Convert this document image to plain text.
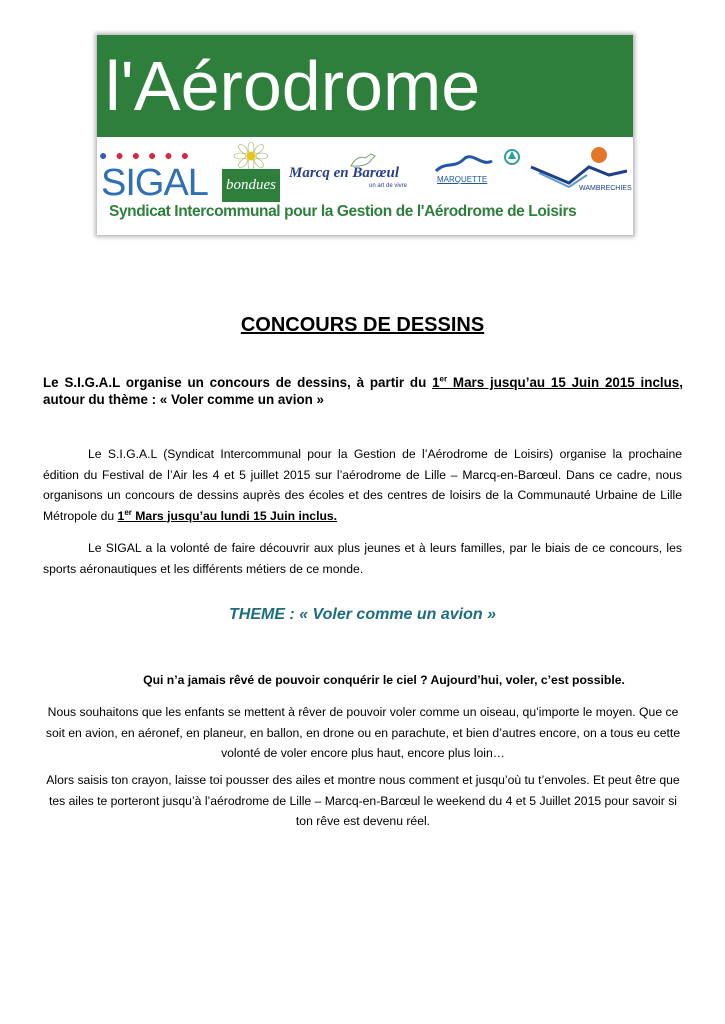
l'Aérodrome
● ● ● ● ● ●
SIGAL bondues
Marcq en Barœul
un art de vivre
MARQUETTE
WAMBRECHIES
Syndicat Intercommunal pour la Gestion de l'Aérodrome de Loisirs
CONCOURS DE DESSINS
Le S.I.G.A.L organise un concours de dessins, à partir du 1er Mars jusqu’au 15 Juin 2015 inclus, autour du thème : « Voler comme un avion »
Le S.I.G.A.L (Syndicat Intercommunal pour la Gestion de l’Aérodrome de Loisirs) organise la prochaine édition du Festival de l’Air les 4 et 5 juillet 2015 sur l’aérodrome de Lille – Marcq-en-Barœul. Dans ce cadre, nous organisons un concours de dessins auprès des écoles et des centres de loisirs de la Communauté Urbaine de Lille Métropole du 1er Mars jusqu’au lundi 15 Juin inclus.
Le SIGAL a la volonté de faire découvrir aux plus jeunes et à leurs familles, par le biais de ce concours, les sports aéronautiques et les différents métiers de ce monde.
THEME : « Voler comme un avion »
Qui n’a jamais rêvé de pouvoir conquérir le ciel ? Aujourd’hui, voler, c’est possible.
Nous souhaitons que les enfants se mettent à rêver de pouvoir voler comme un oiseau, qu’importe le moyen. Que ce soit en avion, en aéronef, en planeur, en ballon, en drone ou en parachute, et bien d’autres encore, on a tous eu cette volonté de voler encore plus haut, encore plus loin…
Alors saisis ton crayon, laisse toi pousser des ailes et montre nous comment et jusqu’où tu t’envoles. Et peut être que tes ailes te porteront jusqu’à l’aérodrome de Lille – Marcq-en-Barœul le weekend du 4 et 5 Juillet 2015 pour savoir si ton rêve est devenu réel.
